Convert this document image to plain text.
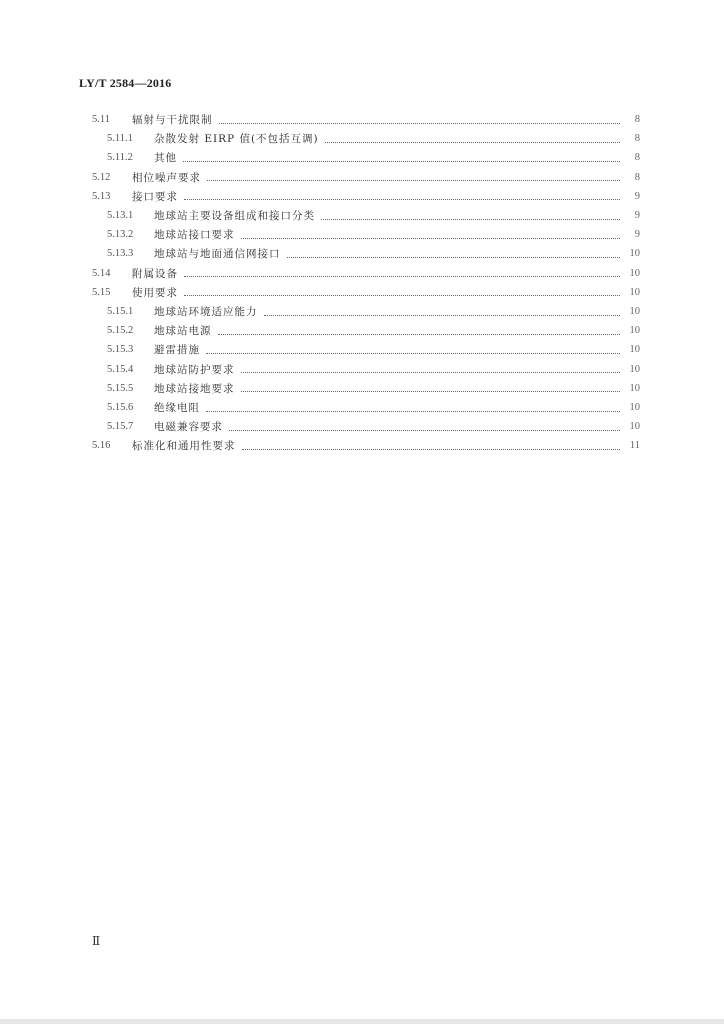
LY/T 2584—2016
5.11	辐射与干扰限制	8
5.11.1	杂散发射 EIRP 值(不包括互调)	8
5.11.2	其他	8
5.12	相位噪声要求	8
5.13	接口要求	9
5.13.1	地球站主要设备组成和接口分类	9
5.13.2	地球站接口要求	9
5.13.3	地球站与地面通信网接口	10
5.14	附属设备	10
5.15	使用要求	10
5.15.1	地球站环境适应能力	10
5.15.2	地球站电源	10
5.15.3	避雷措施	10
5.15.4	地球站防护要求	10
5.15.5	地球站接地要求	10
5.15.6	绝缘电阻	10
5.15.7	电磁兼容要求	10
5.16	标准化和通用性要求	11
Ⅱ
